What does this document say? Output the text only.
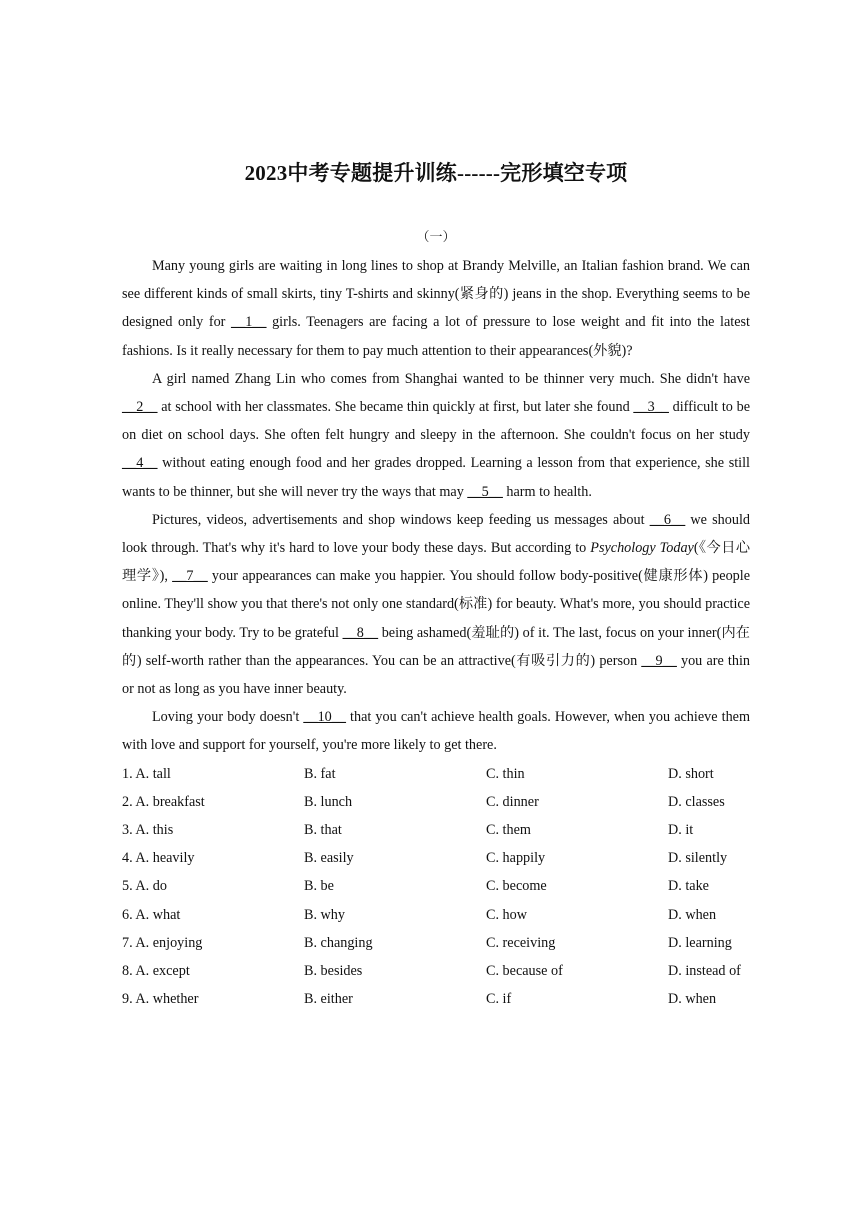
2023中考专题提升训练------完形填空专项
（一）

Many young girls are waiting in long lines to shop at Brandy Melville, an Italian fashion brand. We can see different kinds of small skirts, tiny T-shirts and skinny(紧身的) jeans in the shop. Everything seems to be designed only for __1__ girls. Teenagers are facing a lot of pressure to lose weight and fit into the latest fashions. Is it really necessary for them to pay much attention to their appearances(外貌)?

A girl named Zhang Lin who comes from Shanghai wanted to be thinner very much. She didn't have __2__ at school with her classmates. She became thin quickly at first, but later she found __3__ difficult to be on diet on school days. She often felt hungry and sleepy in the afternoon. She couldn't focus on her study __4__ without eating enough food and her grades dropped. Learning a lesson from that experience, she still wants to be thinner, but she will never try the ways that may __5__ harm to health.

Pictures, videos, advertisements and shop windows keep feeding us messages about __6__ we should look through. That's why it's hard to love your body these days. But according to Psychology Today(《今日心理学》), __7__ your appearances can make you happier. You should follow body-positive(健康形体) people online. They'll show you that there's not only one standard(标准) for beauty. What's more, you should practice thanking your body. Try to be grateful __8__ being ashamed(羞耻的) of it. The last, focus on your inner(内在的) self-worth rather than the appearances. You can be an attractive(有吸引力的) person __9__ you are thin or not as long as you have inner beauty.

Loving your body doesn't __10__ that you can't achieve health goals. However, when you achieve them with love and support for yourself, you're more likely to get there.

1. A. tall	B. fat	C. thin	D. short
2. A. breakfast	B. lunch	C. dinner	D. classes
3. A. this	B. that	C. them	D. it
4. A. heavily	B. easily	C. happily	D. silently
5. A. do	B. be	C. become	D. take
6. A. what	B. why	C. how	D. when
7. A. enjoying	B. changing	C. receiving	D. learning
8. A. except	B. besides	C. because of	D. instead of
9. A. whether	B. either	C. if	D. when
